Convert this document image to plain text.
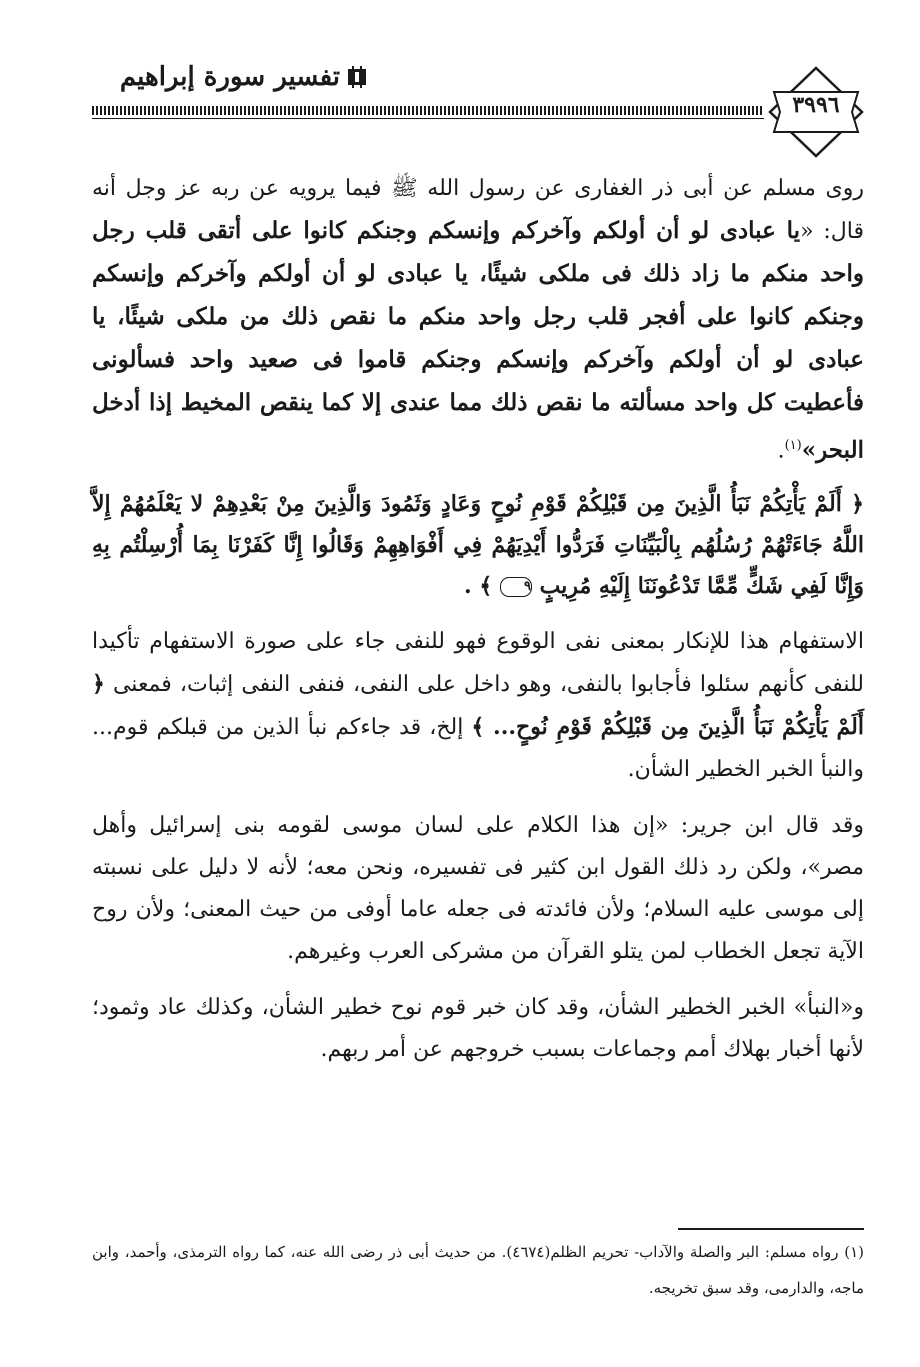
تفسير سورة إبراهيم
٣٩٩٦

روى مسلم عن أبى ذر الغفارى عن رسول الله ﷺ فيما يرويه عن ربه عز وجل أنه قال: «يا عبادى لو أن أولكم وآخركم وإنسكم وجنكم كانوا على أتقى قلب رجل واحد منكم ما زاد ذلك فى ملكى شيئًا، يا عبادى لو أن أولكم وآخركم وإنسكم وجنكم كانوا على أفجر قلب رجل واحد منكم ما نقص ذلك من ملكى شيئًا، يا عبادى لو أن أولكم وآخركم وإنسكم وجنكم قاموا فى صعيد واحد فسألونى فأعطيت كل واحد مسألته ما نقص ذلك مما عندى إلا كما ينقص المخيط إذا أدخل البحر»$^{(١)}$.

﴿ أَلَمْ يَأْتِكُمْ نَبَأُ الَّذِينَ مِن قَبْلِكُمْ قَوْمِ نُوحٍ وَعَادٍ وَثَمُودَ وَالَّذِينَ مِنْ بَعْدِهِمْ لا يَعْلَمُهُمْ إِلاَّ اللَّهُ جَاءَتْهُمْ رُسُلُهُم بِالْبَيِّنَاتِ فَرَدُّوا أَيْدِيَهُمْ فِي أَفْوَاهِهِمْ وَقَالُوا إِنَّا كَفَرْنَا بِمَا أُرْسِلْتُم بِهِ وَإِنَّا لَفِي شَكٍّ مِّمَّا تَدْعُونَنَا إِلَيْهِ مُرِيبٍ ٩ ﴾ .

الاستفهام هذا للإنكار بمعنى نفى الوقوع فهو للنفى جاء على صورة الاستفهام تأكيدا للنفى كأنهم سئلوا فأجابوا بالنفى، وهو داخل على النفى، فنفى النفى إثبات، فمعنى ﴿ أَلَمْ يَأْتِكُمْ نَبَأُ الَّذِينَ مِن قَبْلِكُمْ قَوْمِ نُوحٍ... ﴾ إلخ، قد جاءكم نبأ الذين من قبلكم قوم... والنبأ الخبر الخطير الشأن.

وقد قال ابن جرير: «إن هذا الكلام على لسان موسى لقومه بنى إسرائيل وأهل مصر»، ولكن رد ذلك القول ابن كثير فى تفسيره، ونحن معه؛ لأنه لا دليل على نسبته إلى موسى عليه السلام؛ ولأن فائدته فى جعله عاما أوفى من حيث المعنى؛ ولأن روح الآية تجعل الخطاب لمن يتلو القرآن من مشركى العرب وغيرهم.

و«النبأ» الخبر الخطير الشأن، وقد كان خبر قوم نوح خطير الشأن، وكذلك عاد وثمود؛ لأنها أخبار بهلاك أمم وجماعات بسبب خروجهم عن أمر ربهم.

(١) رواه مسلم: البر والصلة والآداب- تحريم الظلم(٤٦٧٤). من حديث أبى ذر رضى الله عنه، كما رواه الترمذى، وأحمد، وابن ماجه، والدارمى، وقد سبق تخريجه.
